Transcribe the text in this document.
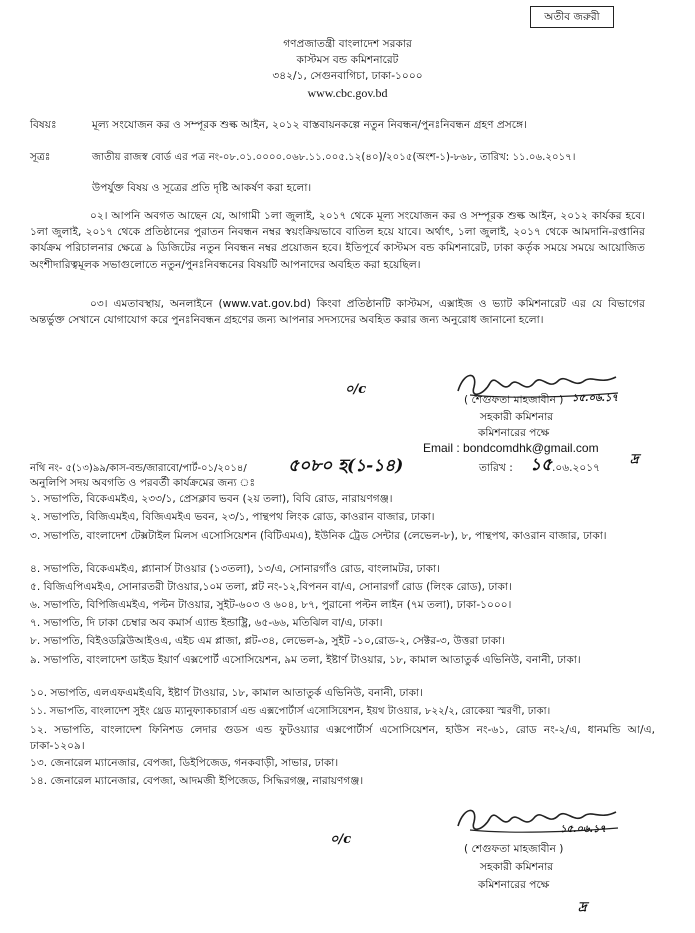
অতীব জরুরী
গণপ্রজাতন্ত্রী বাংলাদেশ সরকার
কাস্টমস বন্ড কমিশনারেট
৩৪২/১, সেগুনবাগিচা, ঢাকা-১০০০
www.cbc.gov.bd
বিষয়ঃ	মূল্য সংযোজন কর ও সম্পূরক শুল্ক আইন, ২০১২ বাস্তবায়নকল্পে নতুন নিবন্ধন/পুনঃনিবন্ধন গ্রহণ প্রসঙ্গে।
সূত্রঃ	জাতীয় রাজস্ব বোর্ড এর পত্র নং-০৮.০১.০০০০.০৬৮.১১.০০৫.১২(৪০)/২০১৫(অংশ-১)-৮৬৮, তারিখ: ১১.০৬.২০১৭।
উপর্যুক্ত বিষয় ও সূত্রের প্রতি দৃষ্টি আকর্ষণ করা হলো।
০২। আপনি অবগত আছেন যে, আগামী ১লা জুলাই, ২০১৭ থেকে মূল্য সংযোজন কর ও সম্পূরক শুল্ক আইন, ২০১২ কার্যকর হবে। ১লা জুলাই, ২০১৭ থেকে প্রতিষ্ঠানের পুরাতন নিবন্ধন নম্বর স্বয়ংক্রিয়ভাবে বাতিল হয়ে যাবে। অর্থাৎ, ১লা জুলাই, ২০১৭ থেকে আমদানি-রপ্তানির কার্যক্রম পরিচালনার ক্ষেত্রে ৯ ডিজিটের নতুন নিবন্ধন নম্বর প্রয়োজন হবে। ইতিপূর্বে কাস্টমস বন্ড কমিশনারেট, ঢাকা কর্তৃক সময়ে সময়ে আয়োজিত অংশীদারিত্বমূলক সভাগুলোতে নতুন/পুনঃনিবন্ধনের বিষয়টি আপনাদের অবহিত করা হয়েছিল।
০৩। এমতাবস্থায়, অনলাইনে (www.vat.gov.bd) কিংবা প্রতিষ্ঠানটি কাস্টমস, এক্সাইজ ও ভ্যাট কমিশনারেট এর যে বিভাগের অন্তর্ভুক্ত সেখানে যোগাযোগ করে পুনঃনিবন্ধন গ্রহণের জন্য আপনার সদস্যদের অবহিত করার জন্য অনুরোধ জানানো হলো।
০/c
( শেগুফতা মাহজাবীন ) ১৫.০৬.১৭
সহকারী কমিশনার
কমিশনারের পক্ষে
Email : bondcomdhk@gmail.com
নথি নং- ৫(১৩)৯৯/কাস-বন্ড/জারাবো/পার্ট-০১/২০১৪/ ৫০৮০ হ(১-১৪)	তারিখ : ১৫ .০৬.২০১৭
দ্র
অনুলিপি সদয় অবগতি ও পরবর্তী কার্যক্রমের জন্য ঃ
১. সভাপতি, বিকেএমইএ, ২৩৩/১, প্রেসক্লাব ভবন (২য় তলা), বিবি রোড, নারায়ণগঞ্জ।
২. সভাপতি, বিজিএমইএ, বিজিএমইএ ভবন, ২৩/১, পান্থপথ লিংক রোড, কাওরান বাজার, ঢাকা।
৩. সভাপতি, বাংলাদেশ টেক্সটাইল মিলস এসোসিয়েশন (বিটিএমএ), ইউনিক ট্রেড সেন্টার (লেভেল-৮), ৮, পান্থপথ, কাওরান বাজার, ঢাকা।
৪. সভাপতি, বিকেএমইএ, প্ল্যানার্স টাওয়ার (১৩তলা), ১৩/এ, সোনারগাঁও রোড, বাংলামটর, ঢাকা।
৫. বিজিএপিএমইএ, সোনারতরী টাওয়ার,১০ম তলা, প্লট নং-১২,বিপনন বা/এ, সোনারগাঁ রোড (লিংক রোড), ঢাকা।
৬. সভাপতি, বিপিজিএমইএ, পল্টন টাওয়ার, সুইট-৬০৩ ও ৬০৪, ৮৭, পুরানো পল্টন লাইন (৭ম তলা), ঢাকা-১০০০।
৭. সভাপতি, দি ঢাকা চেম্বার অব কমার্স এ্যান্ড ইন্ডাষ্ট্রি, ৬৫-৬৬, মতিঝিল বা/এ, ঢাকা।
৮. সভাপতি, বিইওডব্লিউআইওএ, এইচ এম প্লাজা, প্লট-৩৪, লেভেল-৯, সুইট -১০,রোড-২, সেক্টর-৩, উত্তরা ঢাকা।
৯. সভাপতি, বাংলাদেশ ডাইড ইয়ার্ণ এক্সপোর্ট এসোসিয়েশন, ৯ম তলা, ইষ্টার্ণ টাওয়ার, ১৮, কামাল আতাতুর্ক এভিনিউ, বনানী, ঢাকা।
১০. সভাপতি, এলএফএমইএবি, ইষ্টার্ণ টাওয়ার, ১৮, কামাল আতাতুর্ক এভিনিউ, বনানী, ঢাকা।
১১. সভাপতি, বাংলাদেশ সুইং থ্রেড ম্যানুফ্যাকচারার্স এন্ড এক্সপোর্টার্স এসোসিয়েশন, ইয়থ টাওয়ার, ৮২২/২, রোকেয়া স্মরণী, ঢাকা।
১২. সভাপতি, বাংলাদেশ ফিনিশড লেদার গুডস এন্ড ফুটওয়্যার এক্সপোর্টার্স এসোসিয়েশন, হাউস নং-৬১, রোড নং-২/এ, ধানমন্ডি আ/এ, ঢাকা-১২০৯।
১৩. জেনারেল ম্যানেজার, বেপজা, ডিইপিজেড, গনকবাড়ী, সাভার, ঢাকা।
১৪. জেনারেল ম্যানেজার, বেপজা, আদমজী ইপিজেড, সিদ্ধিরগঞ্জ, নারায়ণগঞ্জ।
০/c
১৫.০৬.১৭
( শেগুফতা মাহজাবীন )
সহকারী কমিশনার
কমিশনারের পক্ষে
দ্র
